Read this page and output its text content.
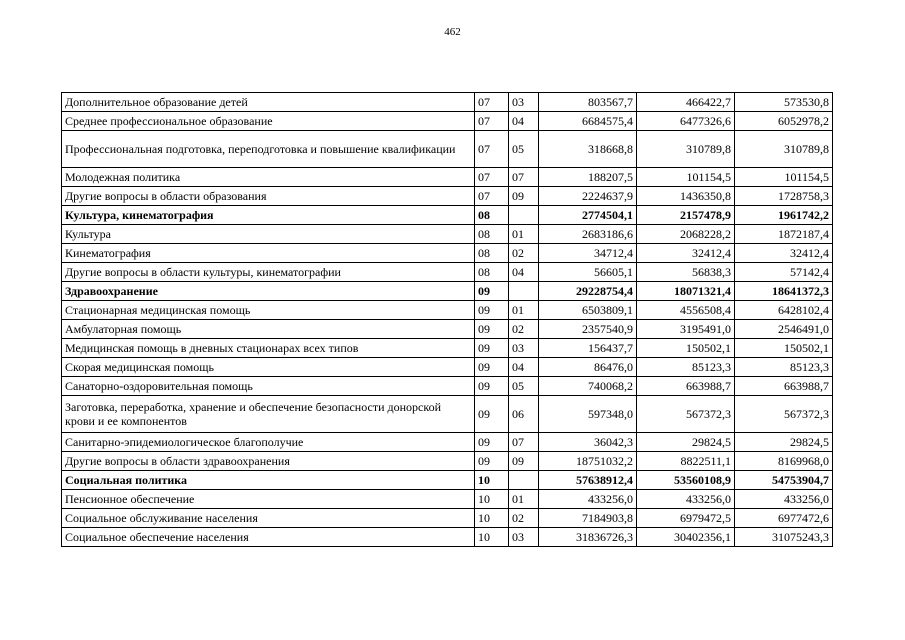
462
Дополнительное образование детей	07	03	803567,7	466422,7	573530,8
Среднее профессиональное образование	07	04	6684575,4	6477326,6	6052978,2
Профессиональная подготовка, переподготовка и повышение квалификации	07	05	318668,8	310789,8	310789,8
Молодежная политика	07	07	188207,5	101154,5	101154,5
Другие вопросы в области образования	07	09	2224637,9	1436350,8	1728758,3
Культура, кинематография	08		2774504,1	2157478,9	1961742,2
Культура	08	01	2683186,6	2068228,2	1872187,4
Кинематография	08	02	34712,4	32412,4	32412,4
Другие вопросы в области культуры, кинематографии	08	04	56605,1	56838,3	57142,4
Здравоохранение	09		29228754,4	18071321,4	18641372,3
Стационарная медицинская помощь	09	01	6503809,1	4556508,4	6428102,4
Амбулаторная помощь	09	02	2357540,9	3195491,0	2546491,0
Медицинская помощь в дневных стационарах всех типов	09	03	156437,7	150502,1	150502,1
Скорая медицинская помощь	09	04	86476,0	85123,3	85123,3
Санаторно-оздоровительная помощь	09	05	740068,2	663988,7	663988,7
Заготовка, переработка, хранение и обеспечение безопасности донорской крови и ее компонентов	09	06	597348,0	567372,3	567372,3
Санитарно-эпидемиологическое благополучие	09	07	36042,3	29824,5	29824,5
Другие вопросы в области здравоохранения	09	09	18751032,2	8822511,1	8169968,0
Социальная политика	10		57638912,4	53560108,9	54753904,7
Пенсионное обеспечение	10	01	433256,0	433256,0	433256,0
Социальное обслуживание населения	10	02	7184903,8	6979472,5	6977472,6
Социальное обеспечение населения	10	03	31836726,3	30402356,1	31075243,3
